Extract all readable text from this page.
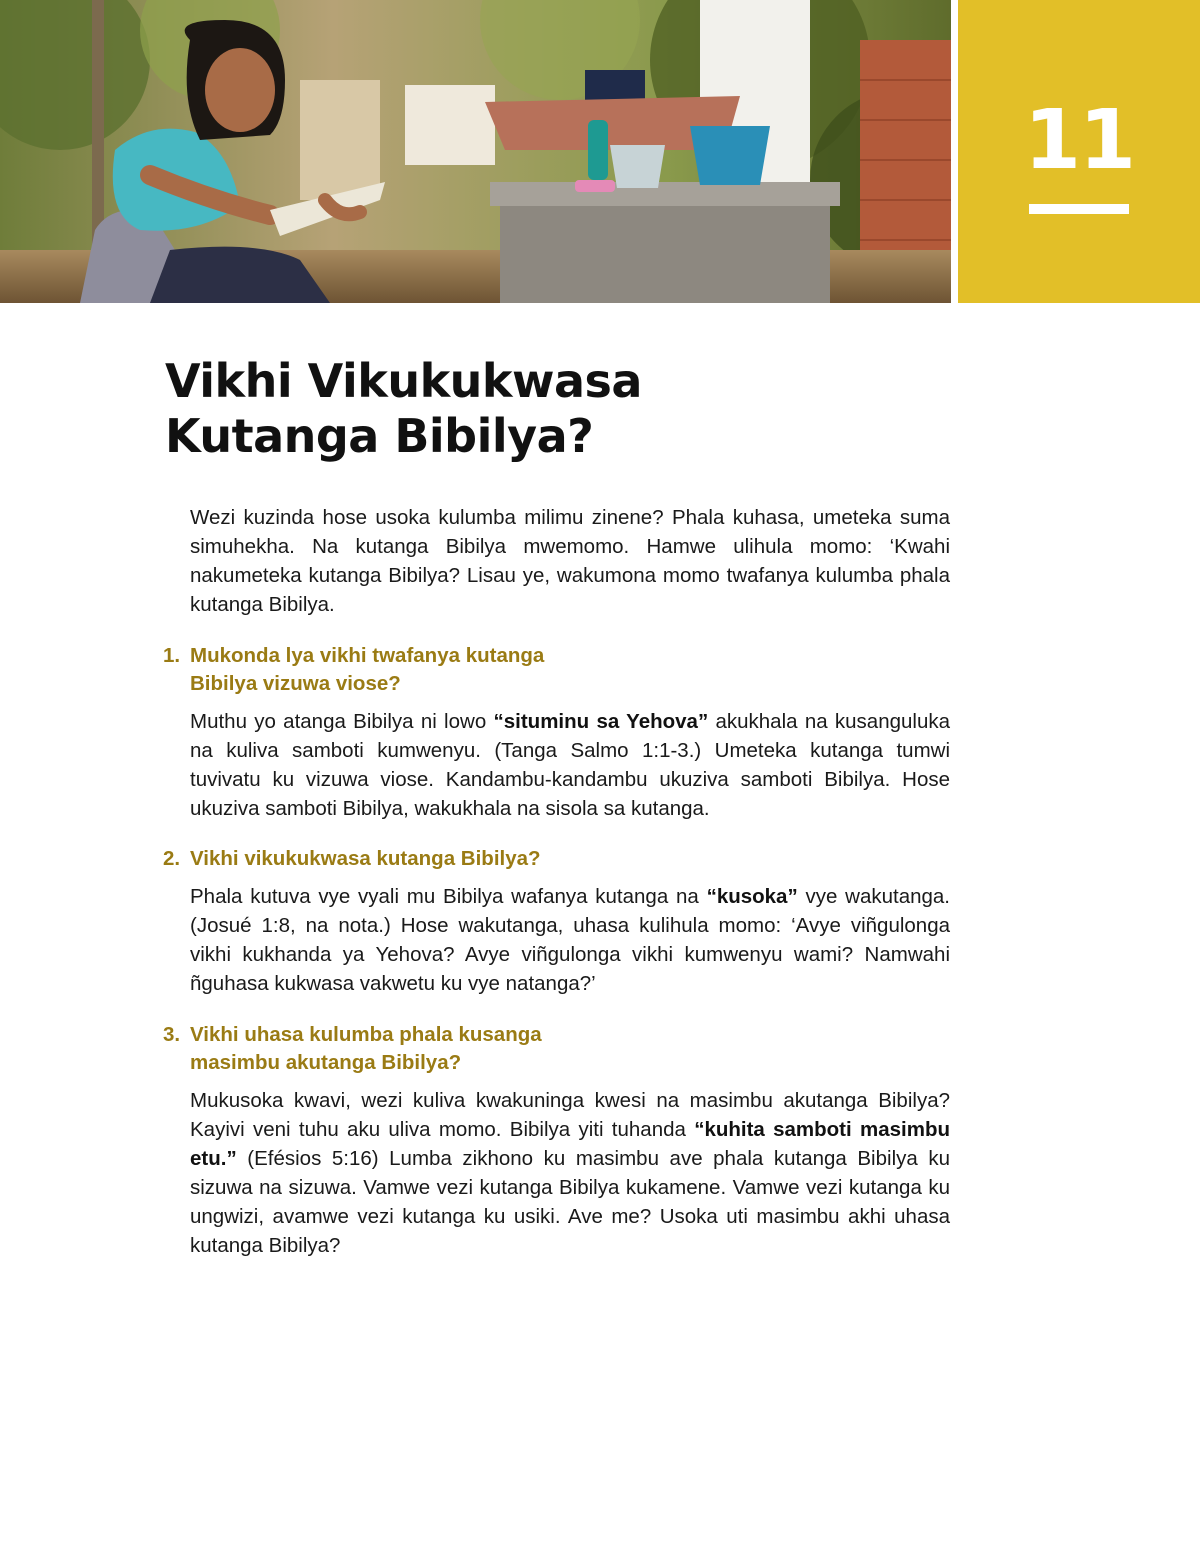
11
Vikhi Vikukukwasa
Kutanga Bibilya?

Wezi kuzinda hose usoka kulumba milimu zinene? Phala kuhasa, umeteka suma simuhekha. Na kutanga Bibilya mwemomo. Hamwe ulihula momo: ‘Kwahi nakumeteka kutanga Bibilya? Lisau ye, wakumona momo twafanya kulumba phala kutanga Bibilya.

1. Mukonda lya vikhi twafanya kutanga
Bibilya vizuwa viose?

Muthu yo atanga Bibilya ni lowo “situminu sa Yehova” akukhala na kusanguluka na kuliva samboti kumwenyu. (Tanga Salmo 1:1-3.) Umeteka kutanga tumwi tuvivatu ku vizuwa viose. Kandambu-kandambu ukuziva samboti Bibilya. Hose ukuziva samboti Bibilya, wakukhala na sisola sa kutanga.

2. Vikhi vikukukwasa kutanga Bibilya?

Phala kutuva vye vyali mu Bibilya wafanya kutanga na “kusoka” vye wakutanga. (Josué 1:8, na nota.) Hose wakutanga, uhasa kulihula momo: ‘Avye viñgulonga vikhi kukhanda ya Yehova? Avye viñgulonga vikhi kumwenyu wami? Namwahi ñguhasa kukwasa vakwetu ku vye natanga?’

3. Vikhi uhasa kulumba phala kusanga
masimbu akutanga Bibilya?

Mukusoka kwavi, wezi kuliva kwakuninga kwesi na masimbu akutanga Bibilya? Kayivi veni tuhu aku uliva momo. Bibilya yiti tuhanda “kuhita samboti masimbu etu.” (Efésios 5:16) Lumba zikhono ku masimbu ave phala kutanga Bibilya ku sizuwa na sizuwa. Vamwe vezi kutanga Bibilya kukamene. Vamwe vezi kutanga ku ungwizi, avamwe vezi kutanga ku usiki. Ave me? Usoka uti masimbu akhi uhasa kutanga Bibilya?
